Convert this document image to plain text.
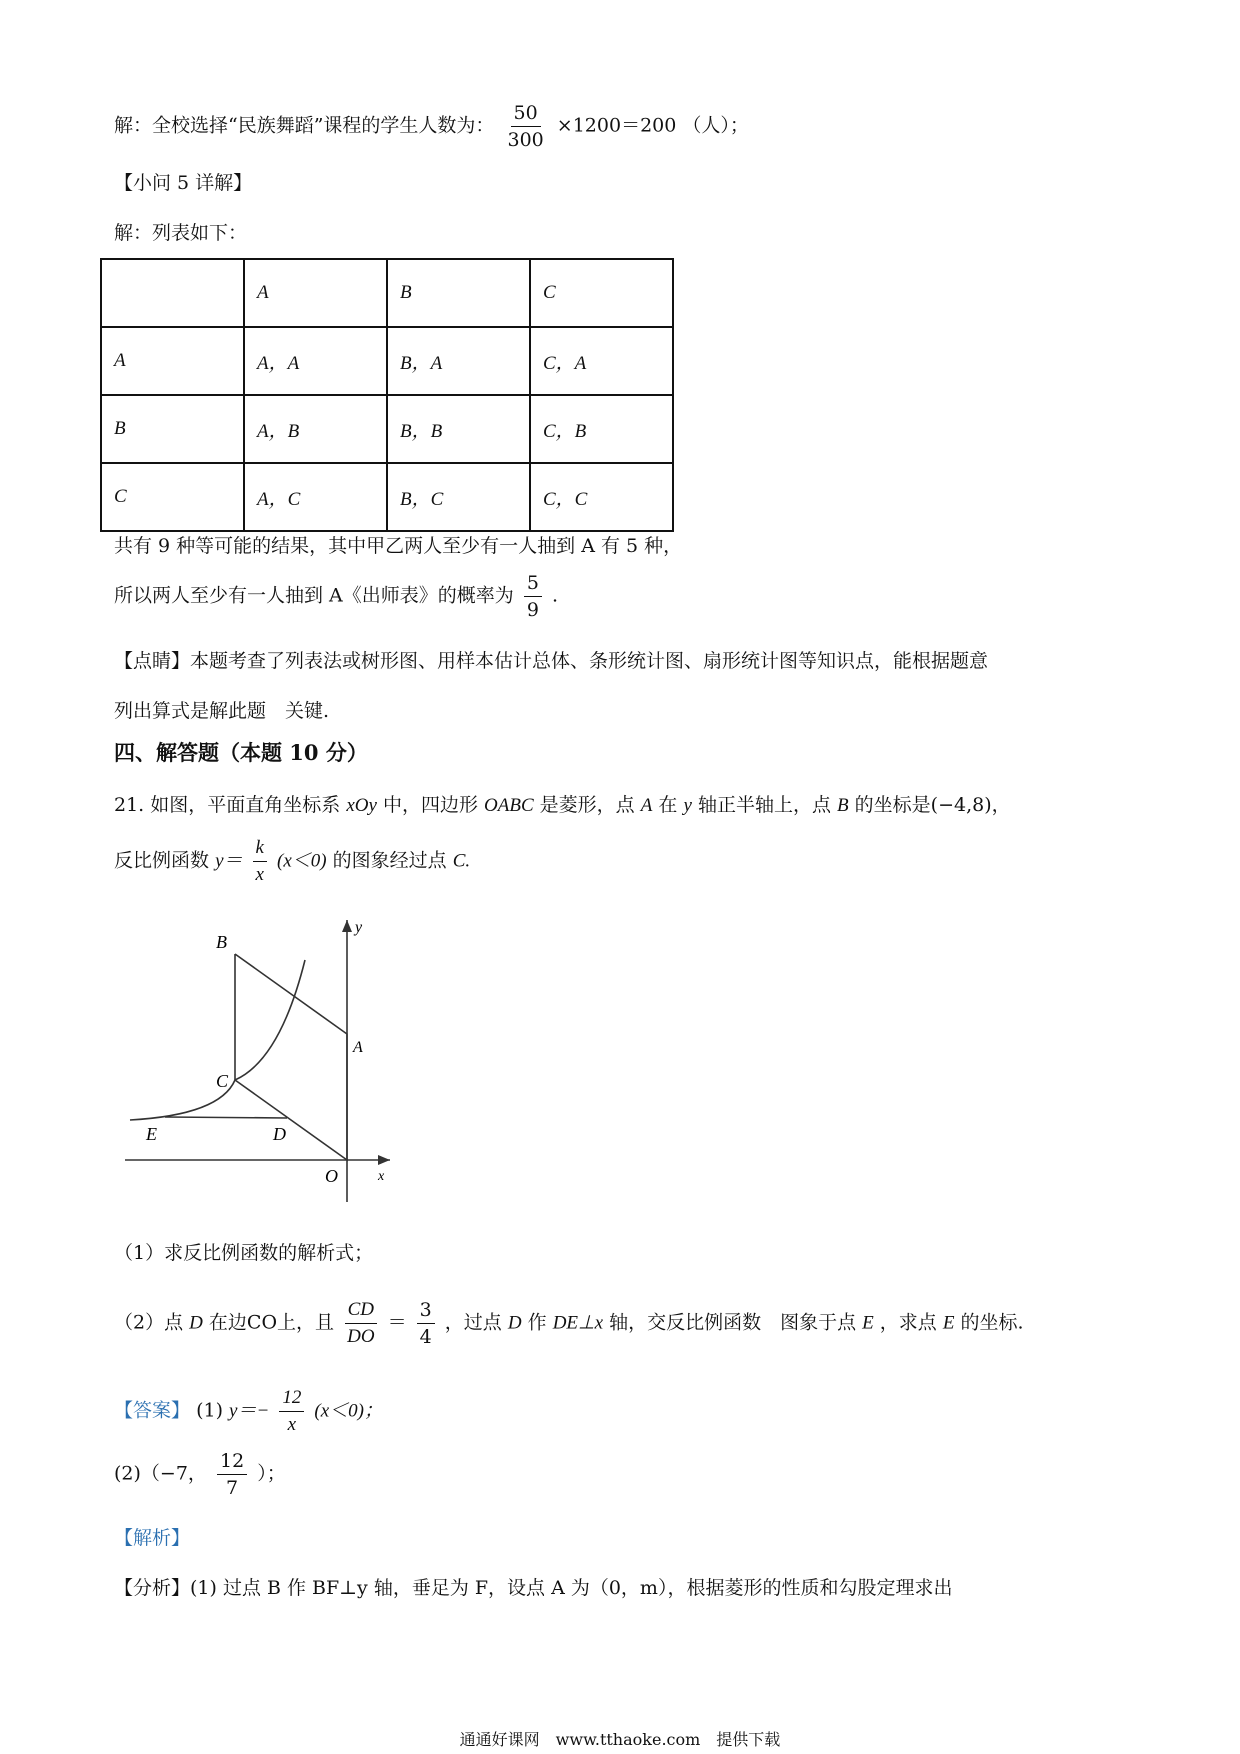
解：全校选择“民族舞蹈”课程的学生人数为： $\frac{50}{300} \times 1200=200$ （人）；
【小问 5 详解】
解：列表如下：
	A	B	C
A	A，A	B，A	C，A
B	A，B	B，B	C，B
C	A，C	B，C	C，C
共有 9 种等可能的结果，其中甲乙两人至少有一人抽到 A 有 5 种，
所以两人至少有一人抽到 A《出师表》的概率为 $\frac{5}{9}$ .
【点睛】本题考查了列表法或树形图、用样本估计总体、条形统计图、扇形统计图等知识点，能根据题意
列出算式是解此题　关键.
四、解答题（本题 10 分）
21. 如图，平面直角坐标系 xOy 中，四边形 OABC 是菱形，点 A 在 y 轴正半轴上，点 B 的坐标是(−4,8)，
反比例函数 $y= \frac{k}{x} (x<0)$ 的图象经过点 C.
B
y
A
C
E	D
O	x
（1）求反比例函数的解析式；
（2）点 D 在边CO上，且 $\frac{CD}{DO} = \frac{3}{4}$ ，过点 D 作 DE⊥x 轴，交反比例函数　图象于点 E ，求点 E 的坐标.
【答案】 (1) $y=- \frac{12}{x} (x<0)$；
(2)（−7， $\frac{12}{7}$ ）；
【解析】
【分析】(1) 过点 B 作 BF⊥y 轴，垂足为 F，设点 A 为（0，m），根据菱形的性质和勾股定理求出
通通好课网　www.tthaoke.com　提供下载
